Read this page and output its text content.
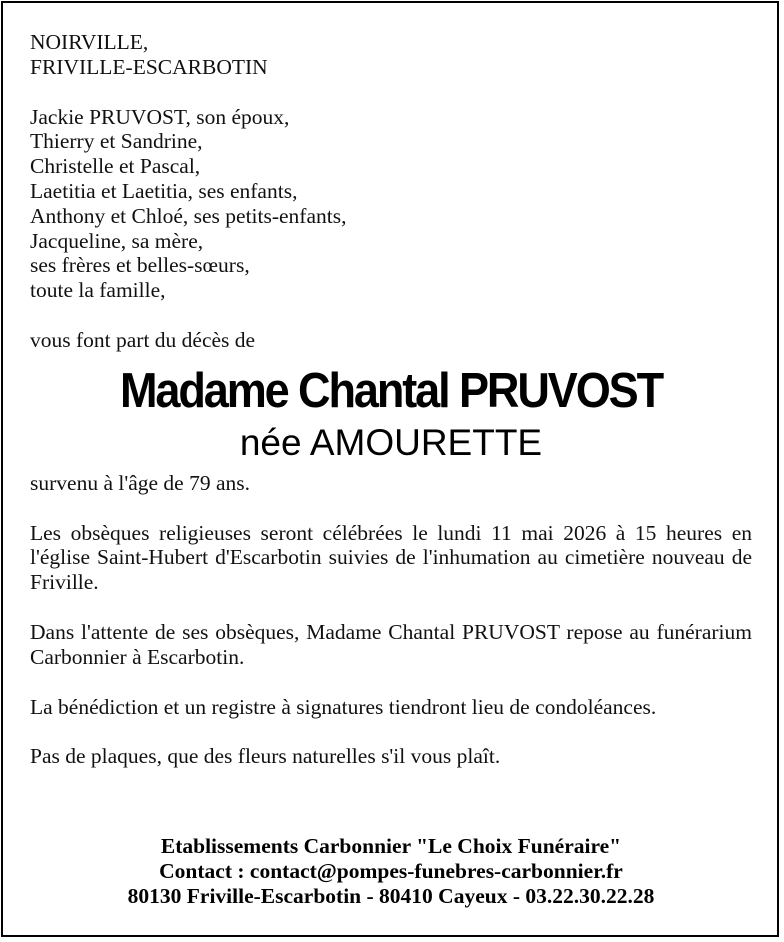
NOIRVILLE,
FRIVILLE-ESCARBOTIN
Jackie PRUVOST, son époux,
Thierry et Sandrine,
Christelle et Pascal,
Laetitia et Laetitia, ses enfants,
Anthony et Chloé, ses petits-enfants,
Jacqueline, sa mère,
ses frères et belles-sœurs,
toute la famille,
vous font part du décès de
Madame Chantal PRUVOST
née AMOURETTE
survenu à l'âge de 79 ans.
Les obsèques religieuses seront célébrées le lundi 11 mai 2026 à 15 heures en l'église Saint-Hubert d'Escarbotin suivies de l'inhumation au cimetière nouveau de Friville.
Dans l'attente de ses obsèques, Madame Chantal PRUVOST repose au funérarium Carbonnier à Escarbotin.
La bénédiction et un registre à signatures tiendront lieu de condoléances.
Pas de plaques, que des fleurs naturelles s'il vous plaît.
Etablissements Carbonnier "Le Choix Funéraire"
Contact : contact@pompes-funebres-carbonnier.fr
80130 Friville-Escarbotin - 80410 Cayeux - 03.22.30.22.28
